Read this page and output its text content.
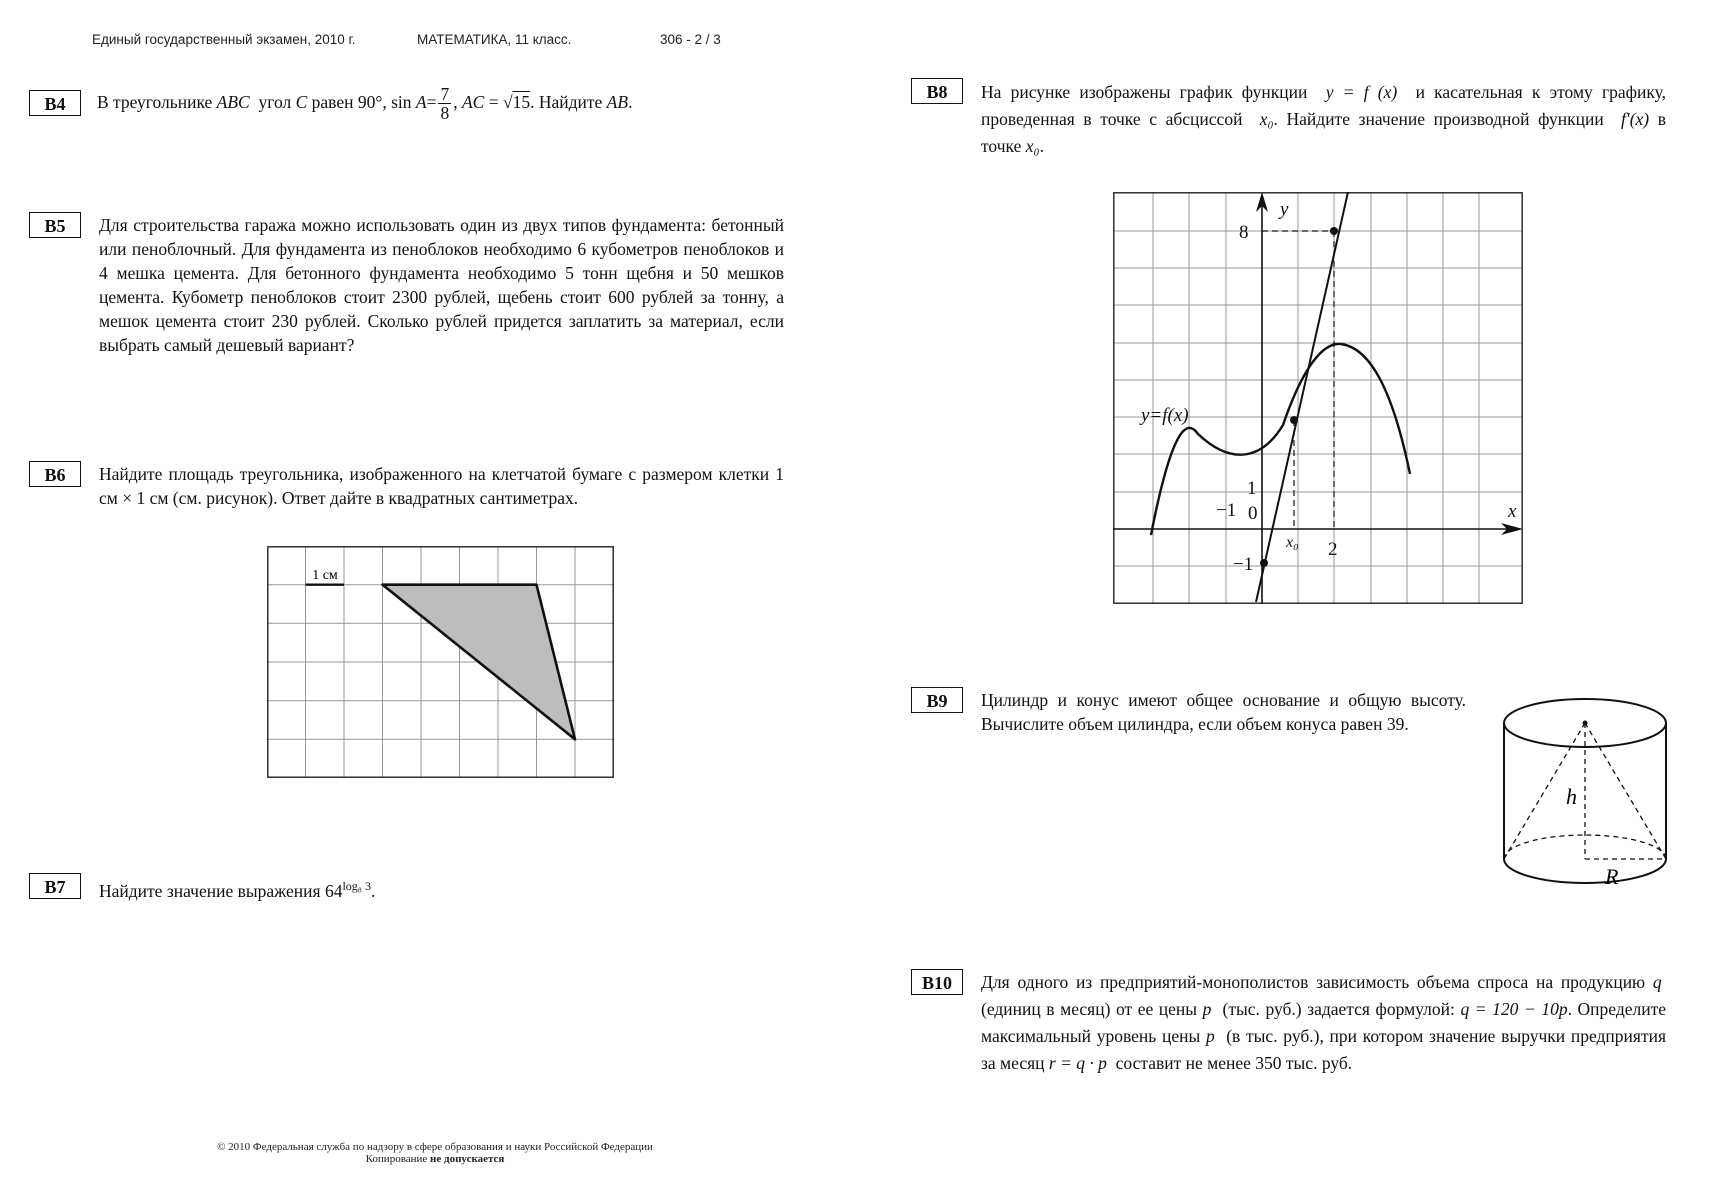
Единый государственный экзамен, 2010 г.	МАТЕМАТИКА, 11 класс.	306 - 2 / 3
B4	В треугольнике ABC угол C равен 90°, $\sin A= \frac{7}{8}$ , AC = √15. Найдите AB.
B5	Для строительства гаража можно использовать один из двух типов фундамента: бетонный или пеноблочный. Для фундамента из пеноблоков необходимо 6 кубометров пеноблоков и 4 мешка цемента. Для бетонного фундамента необходимо 5 тонн щебня и 50 мешков цемента. Кубометр пеноблоков стоит 2300 рублей, щебень стоит 600 рублей за тонну, а мешок цемента стоит 230 рублей. Сколько рублей придется заплатить за материал, если выбрать самый дешевый вариант?
B6	Найдите площадь треугольника, изображенного на клетчатой бумаге с размером клетки 1 см × 1 см (см. рисунок). Ответ дайте в квадратных сантиметрах.
1 см
B7	Найдите значение выражения $64^{log_8 3}$.
B8	На рисунке изображены график функции y = f (x) и касательная к этому графику, проведенная в точке с абсциссой x₀. Найдите значение производной функции f′(x) в точке x₀.
y
x
8
1
−1
−1 0
2
x₀
y=f(x)
B9	Цилиндр и конус имеют общее основание и общую высоту. Вычислите объем цилиндра, если объем конуса равен 39.
h
R
B10	Для одного из предприятий-монополистов зависимость объема спроса на продукцию q  (единиц в месяц) от ее цены p (тыс. руб.) задается формулой: q = 120 − 10p. Определите максимальный уровень цены p (в тыс. руб.), при котором значение выручки предприятия за месяц r = q · p составит не менее 350 тыс. руб.
© 2010 Федеральная служба по надзору в сфере образования и науки Российской Федерации
Копирование не допускается
